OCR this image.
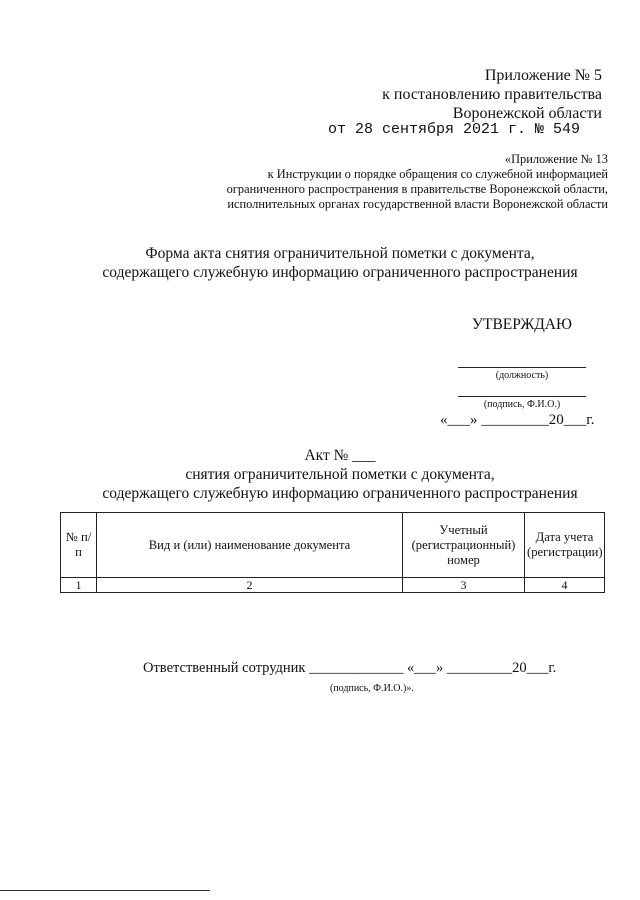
Приложение № 5
к постановлению правительства
Воронежской области
от 28 сентября 2021 г. № 549
«Приложение № 13
к Инструкции о порядке обращения со служебной информацией
ограниченного распространения в правительстве Воронежской области,
исполнительных органах государственной власти Воронежской области
Форма акта снятия ограничительной пометки с документа,
содержащего служебную информацию ограниченного распространения
УТВЕРЖДАЮ
(должность)
(подпись, Ф.И.О.)
«___» _________20___г.
Акт № ___
снятия ограничительной пометки с документа,
содержащего служебную информацию ограниченного распространения
№ п/п	Вид и (или) наименование документа	Учетный (регистрационный) номер	Дата учета (регистрации)
1	2	3	4
Ответственный сотрудник _____________ «___» _________20___г.
(подпись, Ф.И.О.)».
